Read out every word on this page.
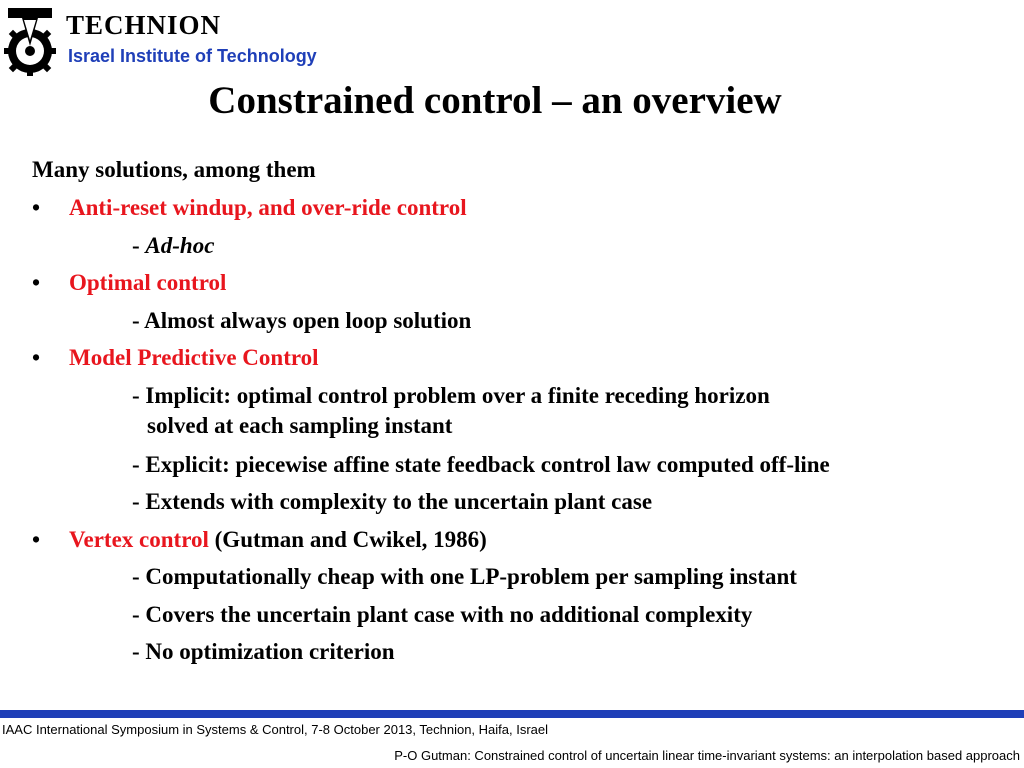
TECHNION
Israel Institute of Technology
Constrained control – an overview
Many solutions, among them
• Anti-reset windup, and over-ride control
- Ad-hoc
• Optimal control
- Almost always open loop solution
• Model Predictive Control
- Implicit: optimal control problem over a finite receding horizon
solved at each sampling instant
- Explicit: piecewise affine state feedback control law computed off-line
- Extends with complexity to the uncertain plant case
• Vertex control (Gutman and Cwikel, 1986)
- Computationally cheap with one LP-problem per sampling instant
- Covers the uncertain plant case with no additional complexity
- No optimization criterion
IAAC International Symposium in Systems & Control, 7-8 October 2013, Technion, Haifa, Israel
P-O Gutman: Constrained control of uncertain linear time-invariant systems: an interpolation based approach
